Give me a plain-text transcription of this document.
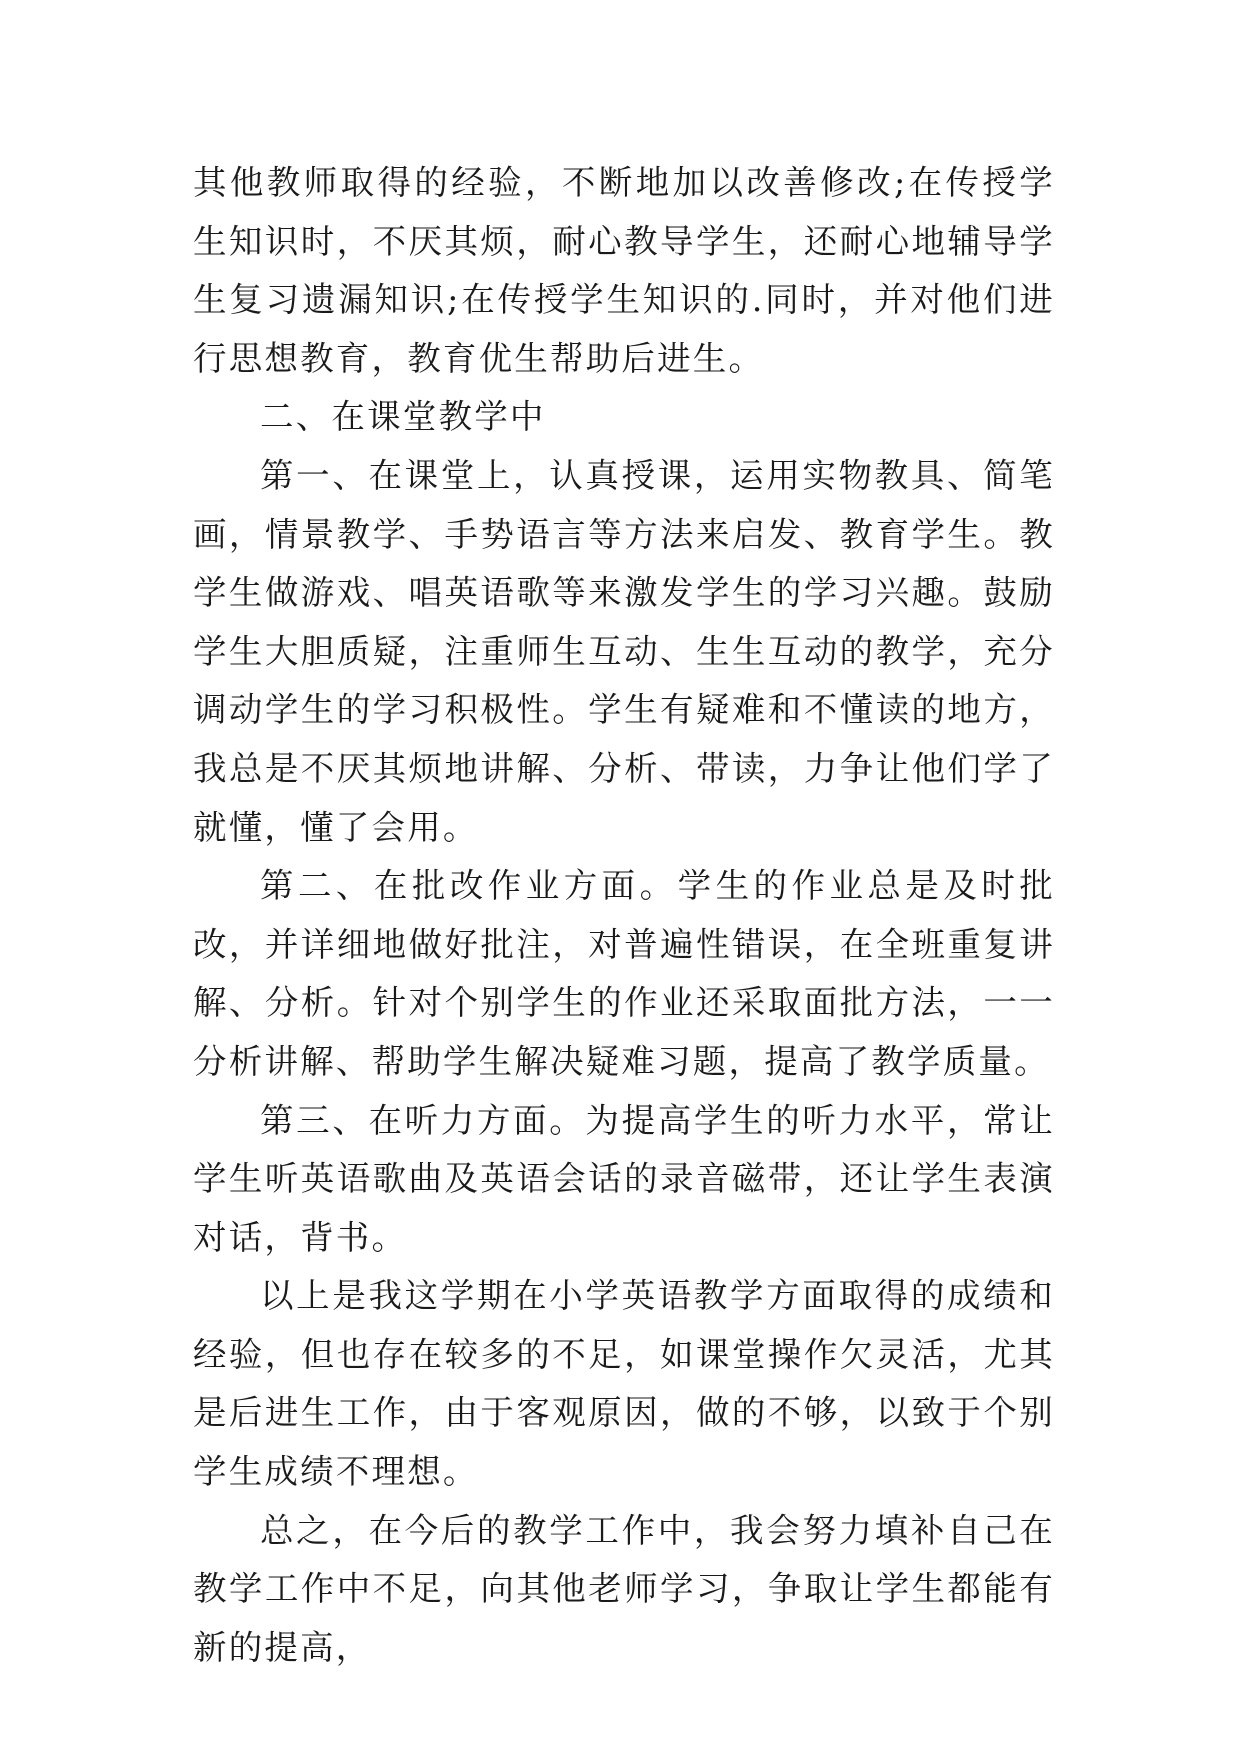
其他教师取得的经验，不断地加以改善修改;在传授学生知识时，不厌其烦，耐心教导学生，还耐心地辅导学生复习遗漏知识;在传授学生知识的.同时，并对他们进行思想教育，教育优生帮助后进生。

二、在课堂教学中

第一、在课堂上，认真授课，运用实物教具、简笔画，情景教学、手势语言等方法来启发、教育学生。教学生做游戏、唱英语歌等来激发学生的学习兴趣。鼓励学生大胆质疑，注重师生互动、生生互动的教学，充分调动学生的学习积极性。学生有疑难和不懂读的地方，我总是不厌其烦地讲解、分析、带读，力争让他们学了就懂，懂了会用。

第二、在批改作业方面。学生的作业总是及时批改，并详细地做好批注，对普遍性错误，在全班重复讲解、分析。针对个别学生的作业还采取面批方法，一一分析讲解、帮助学生解决疑难习题，提高了教学质量。

第三、在听力方面。为提高学生的听力水平，常让学生听英语歌曲及英语会话的录音磁带，还让学生表演对话，背书。

以上是我这学期在小学英语教学方面取得的成绩和经验，但也存在较多的不足，如课堂操作欠灵活，尤其是后进生工作，由于客观原因，做的不够，以致于个别学生成绩不理想。

总之，在今后的教学工作中，我会努力填补自己在教学工作中不足，向其他老师学习，争取让学生都能有新的提高，
